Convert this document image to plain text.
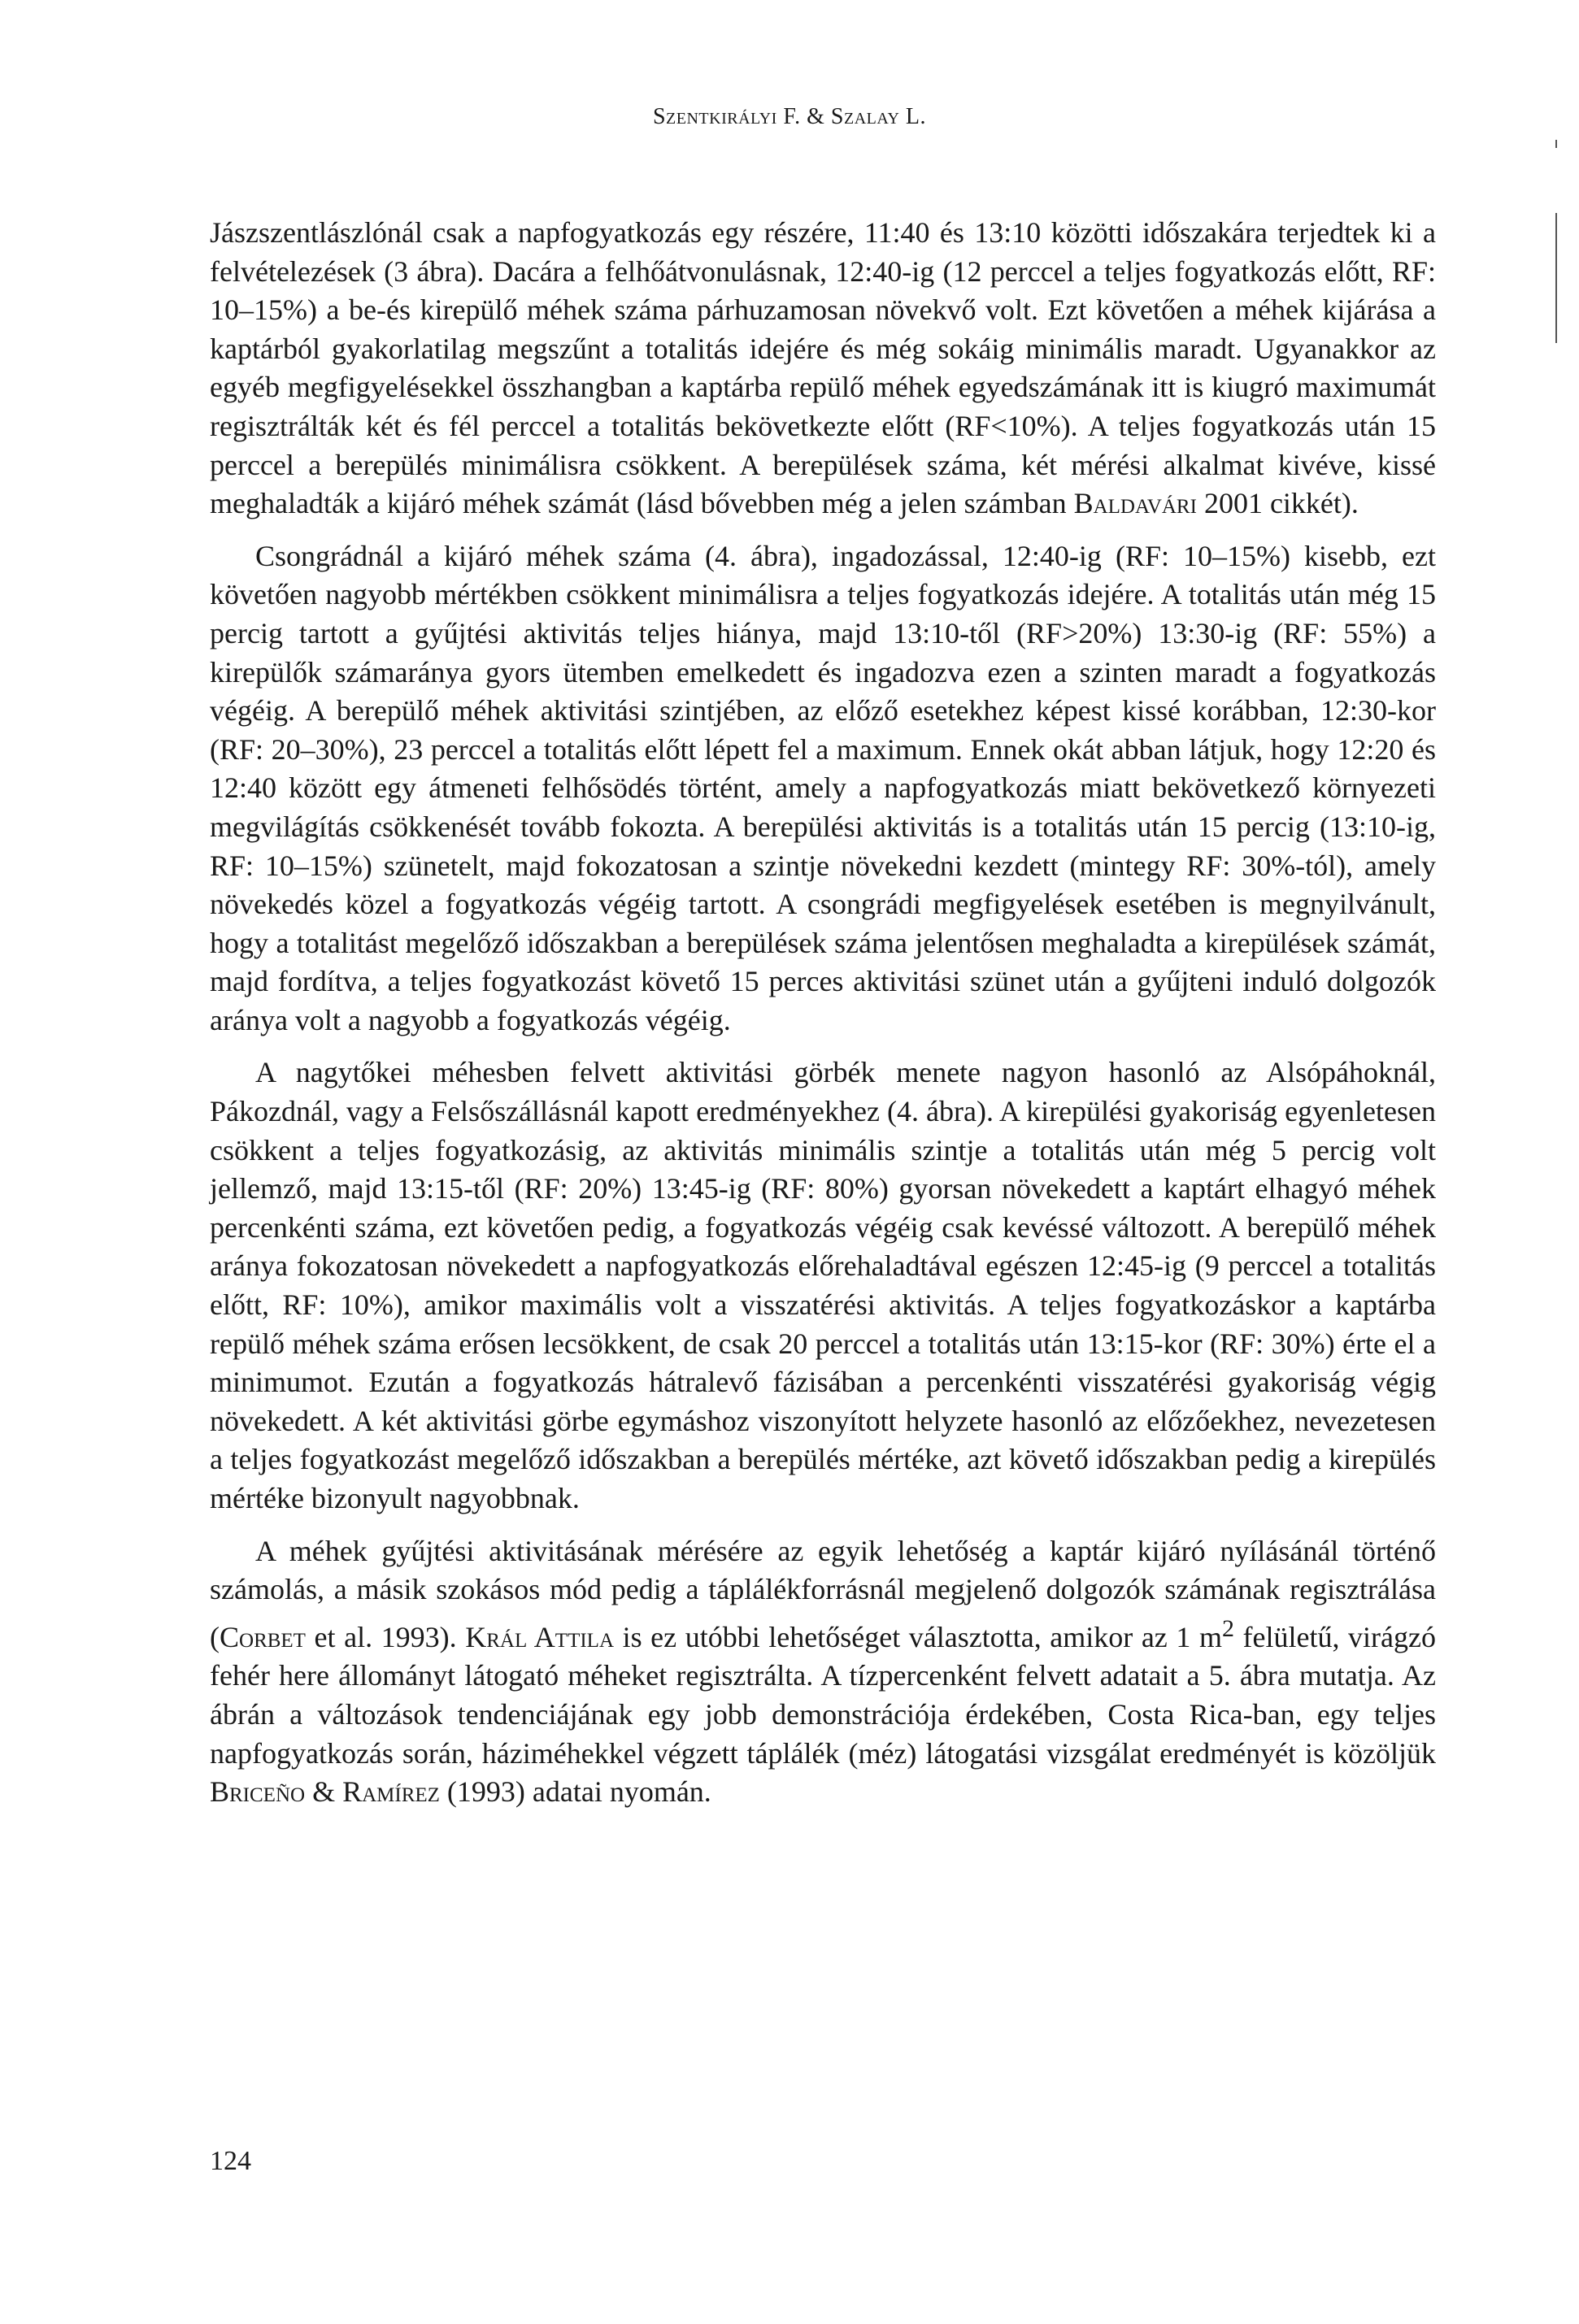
Szentkirályi F. & Szalay L.

Jászszentlászlónál csak a napfogyatkozás egy részére, 11:40 és 13:10 közötti időszakára terjedtek ki a felvételezések (3 ábra). Dacára a felhőátvonulásnak, 12:40-ig (12 perccel a teljes fogyatkozás előtt, RF: 10–15%) a be-és kirepülő méhek száma párhuzamosan növekvő volt. Ezt követően a méhek kijárása a kaptárból gyakorlatilag megszűnt a totalitás idejére és még sokáig minimális maradt. Ugyanakkor az egyéb megfigyelésekkel összhangban a kaptárba repülő méhek egyedszámának itt is kiugró maximumát regisztrálták két és fél perccel a totalitás bekövetkezte előtt (RF<10%). A teljes fogyatkozás után 15 perccel a berepülés minimálisra csökkent. A berepülések száma, két mérési alkalmat kivéve, kissé meghaladták a kijáró méhek számát (lásd bővebben még a jelen számban Baldavári 2001 cikkét).

Csongrádnál a kijáró méhek száma (4. ábra), ingadozással, 12:40-ig (RF: 10–15%) kisebb, ezt követően nagyobb mértékben csökkent minimálisra a teljes fogyatkozás idejére. A totalitás után még 15 percig tartott a gyűjtési aktivitás teljes hiánya, majd 13:10-től (RF>20%) 13:30-ig (RF: 55%) a kirepülők számaránya gyors ütemben emelkedett és ingadozva ezen a szinten maradt a fogyatkozás végéig. A berepülő méhek aktivitási szintjében, az előző esetekhez képest kissé korábban, 12:30-kor (RF: 20–30%), 23 perccel a totalitás előtt lépett fel a maximum. Ennek okát abban látjuk, hogy 12:20 és 12:40 között egy átmeneti felhősödés történt, amely a napfogyatkozás miatt bekövetkező környezeti megvilágítás csökkenését tovább fokozta. A berepülési aktivitás is a totalitás után 15 percig (13:10-ig, RF: 10–15%) szünetelt, majd fokozatosan a szintje növekedni kezdett (mintegy RF: 30%-tól), amely növekedés közel a fogyatkozás végéig tartott. A csongrádi megfigyelések esetében is megnyilvánult, hogy a totalitást megelőző időszakban a berepülések száma jelentősen meghaladta a kirepülések számát, majd fordítva, a teljes fogyatkozást követő 15 perces aktivitási szünet után a gyűjteni induló dolgozók aránya volt a nagyobb a fogyatkozás végéig.

A nagytőkei méhesben felvett aktivitási görbék menete nagyon hasonló az Alsópáhoknál, Pákozdnál, vagy a Felsőszállásnál kapott eredményekhez (4. ábra). A kirepülési gyakoriság egyenletesen csökkent a teljes fogyatkozásig, az aktivitás minimális szintje a totalitás után még 5 percig volt jellemző, majd 13:15-től (RF: 20%) 13:45-ig (RF: 80%) gyorsan növekedett a kaptárt elhagyó méhek percenkénti száma, ezt követően pedig, a fogyatkozás végéig csak kevéssé változott. A berepülő méhek aránya fokozatosan növekedett a napfogyatkozás előrehaladtával egészen 12:45-ig (9 perccel a totalitás előtt, RF: 10%), amikor maximális volt a visszatérési aktivitás. A teljes fogyatkozáskor a kaptárba repülő méhek száma erősen lecsökkent, de csak 20 perccel a totalitás után 13:15-kor (RF: 30%) érte el a minimumot. Ezután a fogyatkozás hátralevő fázisában a percenkénti visszatérési gyakoriság végig növekedett. A két aktivitási görbe egymáshoz viszonyított helyzete hasonló az előzőekhez, nevezetesen a teljes fogyatkozást megelőző időszakban a berepülés mértéke, azt követő időszakban pedig a kirepülés mértéke bizonyult nagyobbnak.

A méhek gyűjtési aktivitásának mérésére az egyik lehetőség a kaptár kijáró nyílásánál történő számolás, a másik szokásos mód pedig a táplálékforrásnál megjelenő dolgozók számának regisztrálása (Corbet et al. 1993). Král Attila is ez utóbbi lehetőséget választotta, amikor az 1 $m^2$ felületű, virágzó fehér here állományt látogató méheket regisztrálta. A tízpercenként felvett adatait a 5. ábra mutatja. Az ábrán a változások tendenciájának egy jobb demonstrációja érdekében, Costa Rica-ban, egy teljes napfogyatkozás során, háziméhekkel végzett táplálék (méz) látogatási vizsgálat eredményét is közöljük Briceño & Ramírez (1993) adatai nyomán.

124
